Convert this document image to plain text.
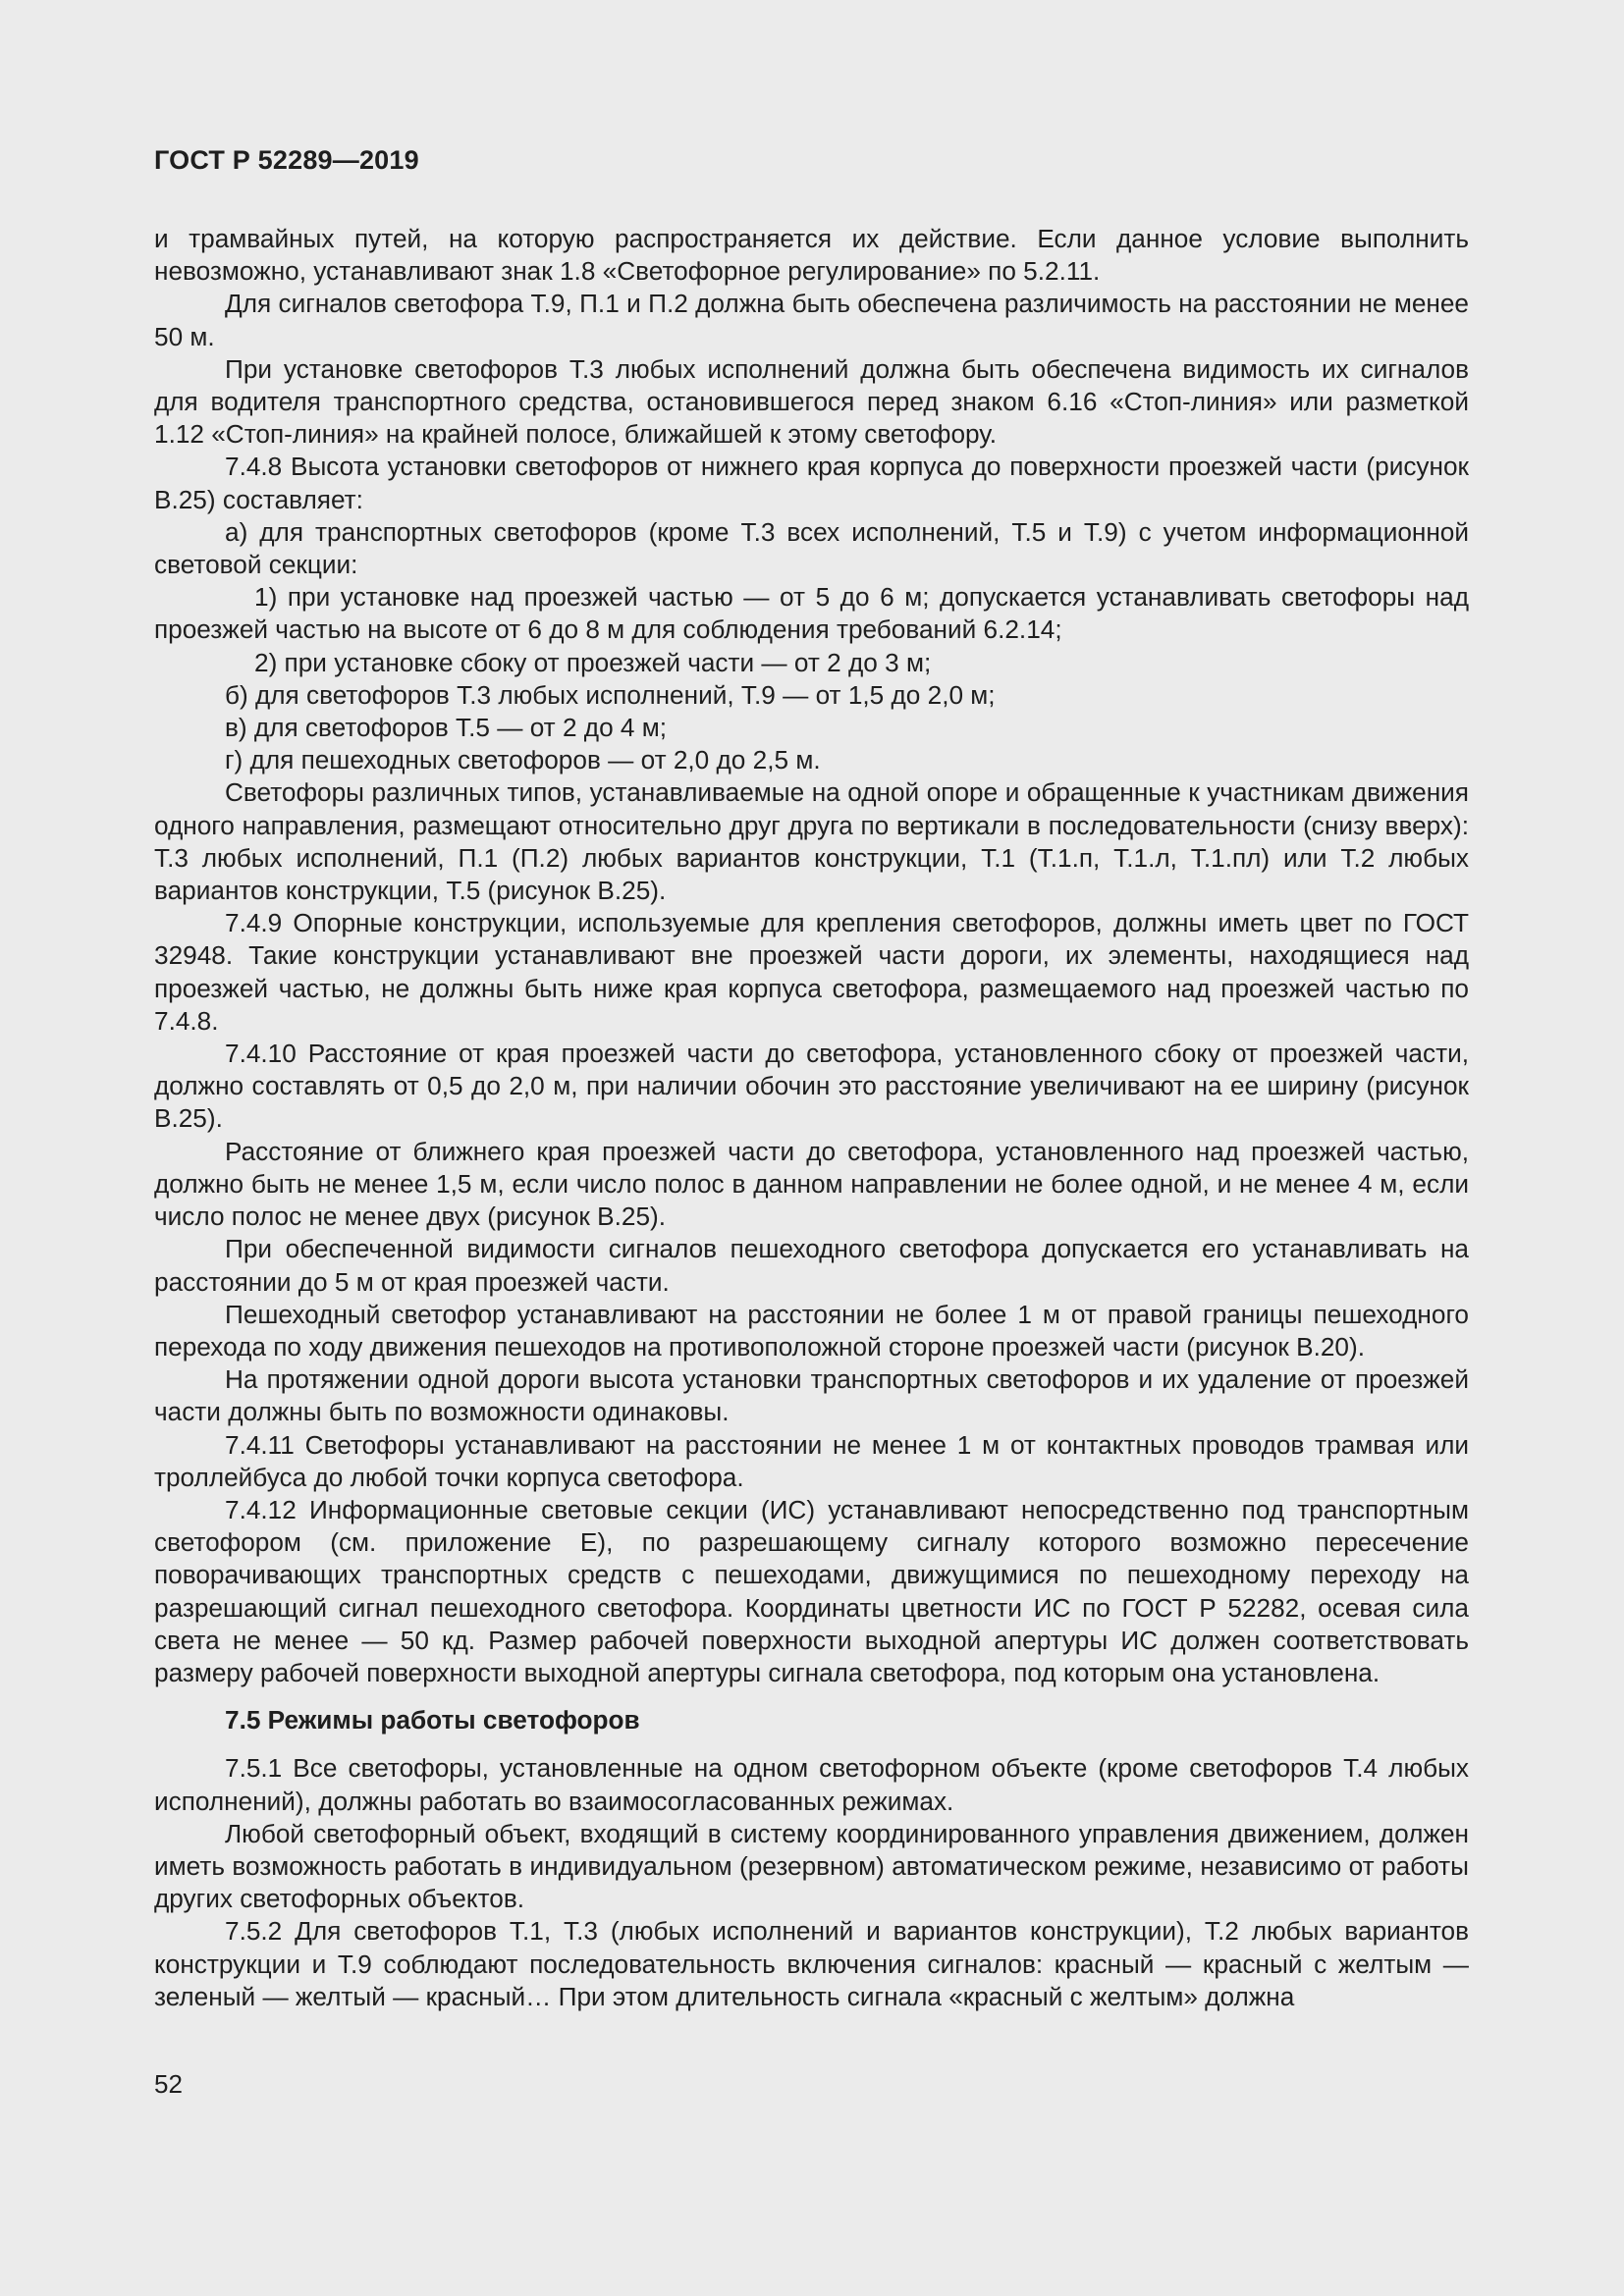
ГОСТ Р 52289—2019

и трамвайных путей, на которую распространяется их действие. Если данное условие выполнить невозможно, устанавливают знак 1.8 «Светофорное регулирование» по 5.2.11.

Для сигналов светофора Т.9, П.1 и П.2 должна быть обеспечена различимость на расстоянии не менее 50 м.

При установке светофоров Т.3 любых исполнений должна быть обеспечена видимость их сигналов для водителя транспортного средства, остановившегося перед знаком 6.16 «Стоп-линия» или разметкой 1.12 «Стоп-линия» на крайней полосе, ближайшей к этому светофору.

7.4.8 Высота установки светофоров от нижнего края корпуса до поверхности проезжей части (рисунок В.25) составляет:

а) для транспортных светофоров (кроме Т.3 всех исполнений, Т.5 и Т.9) с учетом информационной световой секции:

1) при установке над проезжей частью — от 5 до 6 м; допускается устанавливать светофоры над проезжей частью на высоте от 6 до 8 м для соблюдения требований 6.2.14;

2) при установке сбоку от проезжей части — от 2 до 3 м;

б) для светофоров Т.3 любых исполнений, Т.9 — от 1,5 до 2,0 м;

в) для светофоров Т.5 — от 2 до 4 м;

г) для пешеходных светофоров — от 2,0 до 2,5 м.

Светофоры различных типов, устанавливаемые на одной опоре и обращенные к участникам движения одного направления, размещают относительно друг друга по вертикали в последовательности (снизу вверх): Т.3 любых исполнений, П.1 (П.2) любых вариантов конструкции, Т.1 (Т.1.п, Т.1.л, Т.1.пл) или Т.2 любых вариантов конструкции, Т.5 (рисунок В.25).

7.4.9 Опорные конструкции, используемые для крепления светофоров, должны иметь цвет по ГОСТ 32948. Такие конструкции устанавливают вне проезжей части дороги, их элементы, находящиеся над проезжей частью, не должны быть ниже края корпуса светофора, размещаемого над проезжей частью по 7.4.8.

7.4.10 Расстояние от края проезжей части до светофора, установленного сбоку от проезжей части, должно составлять от 0,5 до 2,0 м, при наличии обочин это расстояние увеличивают на ее ширину (рисунок В.25).

Расстояние от ближнего края проезжей части до светофора, установленного над проезжей частью, должно быть не менее 1,5 м, если число полос в данном направлении не более одной, и не менее 4 м, если число полос не менее двух (рисунок В.25).

При обеспеченной видимости сигналов пешеходного светофора допускается его устанавливать на расстоянии до 5 м от края проезжей части.

Пешеходный светофор устанавливают на расстоянии не более 1 м от правой границы пешеходного перехода по ходу движения пешеходов на противоположной стороне проезжей части (рисунок В.20).

На протяжении одной дороги высота установки транспортных светофоров и их удаление от проезжей части должны быть по возможности одинаковы.

7.4.11 Светофоры устанавливают на расстоянии не менее 1 м от контактных проводов трамвая или троллейбуса до любой точки корпуса светофора.

7.4.12 Информационные световые секции (ИС) устанавливают непосредственно под транспортным светофором (см. приложение Е), по разрешающему сигналу которого возможно пересечение поворачивающих транспортных средств с пешеходами, движущимися по пешеходному переходу на разрешающий сигнал пешеходного светофора. Координаты цветности ИС по ГОСТ Р 52282, осевая сила света не менее — 50 кд. Размер рабочей поверхности выходной апертуры ИС должен соответствовать размеру рабочей поверхности выходной апертуры сигнала светофора, под которым она установлена.

7.5 Режимы работы светофоров

7.5.1 Все светофоры, установленные на одном светофорном объекте (кроме светофоров Т.4 любых исполнений), должны работать во взаимосогласованных режимах.

Любой светофорный объект, входящий в систему координированного управления движением, должен иметь возможность работать в индивидуальном (резервном) автоматическом режиме, независимо от работы других светофорных объектов.

7.5.2 Для светофоров Т.1, Т.3 (любых исполнений и вариантов конструкции), Т.2 любых вариантов конструкции и Т.9 соблюдают последовательность включения сигналов: красный — красный с желтым — зеленый — желтый — красный… При этом длительность сигнала «красный с желтым» должна

52
